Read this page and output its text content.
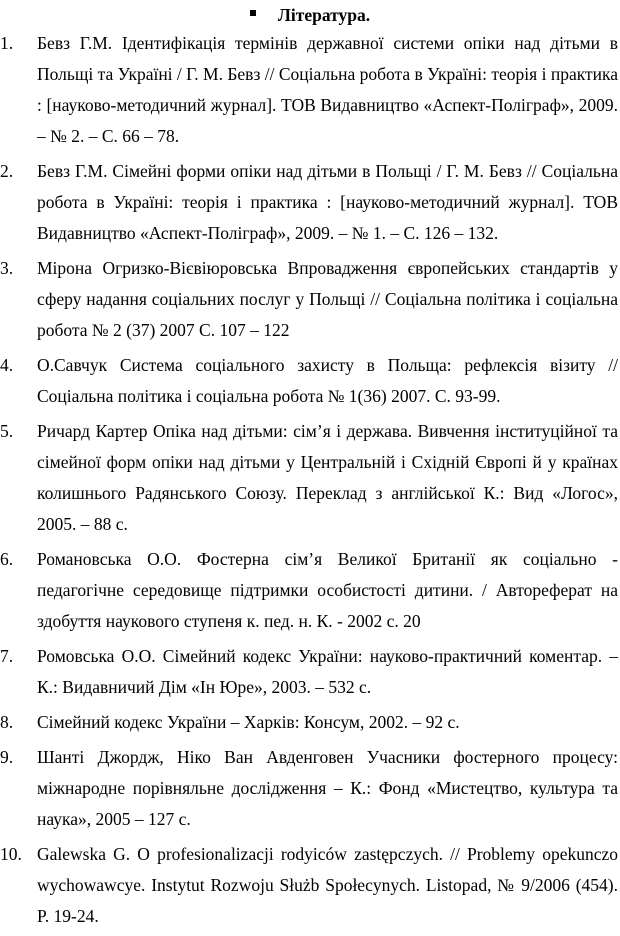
Література.
1. Бевз Г.М. Ідентифікація термінів державної системи опіки над дітьми в Польщі та Україні / Г. М. Бевз // Соціальна робота в Україні: теорія і практика : [науково-методичний журнал]. ТОВ Видавництво «Аспект-Поліграф», 2009. – № 2. – С. 66 – 78.
2. Бевз Г.М. Сімейні форми опіки над дітьми в Польщі / Г. М. Бевз // Соціальна робота в Україні: теорія і практика : [науково-методичний журнал]. ТОВ Видавництво «Аспект-Поліграф», 2009. – № 1. – С. 126 – 132.
3. Мірона Огризко-Вієвіюровська Впровадження європейських стандартів у сферу надання соціальних послуг у Польщі // Соціальна політика і соціальна робота № 2 (37) 2007 С. 107 – 122
4. О.Савчук Система соціального захисту в Польща: рефлексія візиту // Соціальна політика і соціальна робота № 1(36) 2007. С. 93-99.
5. Ричард Картер Опіка над дітьми: сім’я і держава. Вивчення інституційної та сімейної форм опіки над дітьми у Центральній і Східній Європі й у країнах колишнього Радянського Союзу. Переклад з англійської К.: Вид «Логос», 2005. – 88 с.
6. Романовська О.О. Фостерна сім’я Великої Британії як соціально - педагогічне середовище підтримки особистості дитини. / Автореферат на здобуття наукового ступеня к. пед. н. К. - 2002 с. 20
7. Ромовська О.О. Сімейний кодекс України: науково-практичний коментар. – К.: Видавничий Дім «Ін Юре», 2003. – 532 с.
8. Сімейний кодекс України – Харків: Консум, 2002. – 92 с.
9. Шанті Джордж, Ніко Ван Авденговен Учасники фостерного процесу: міжнародне порівняльне дослідження – К.: Фонд «Мистецтво, культура та наука», 2005 – 127 с.
10. Galewska G. O profesionalizacji rodyiców zastępczych. // Problemy opekunczo wychowawcye. Instytut Rozwoju Służb Społecynych. Listopad, № 9/2006 (454). P. 19-24.
